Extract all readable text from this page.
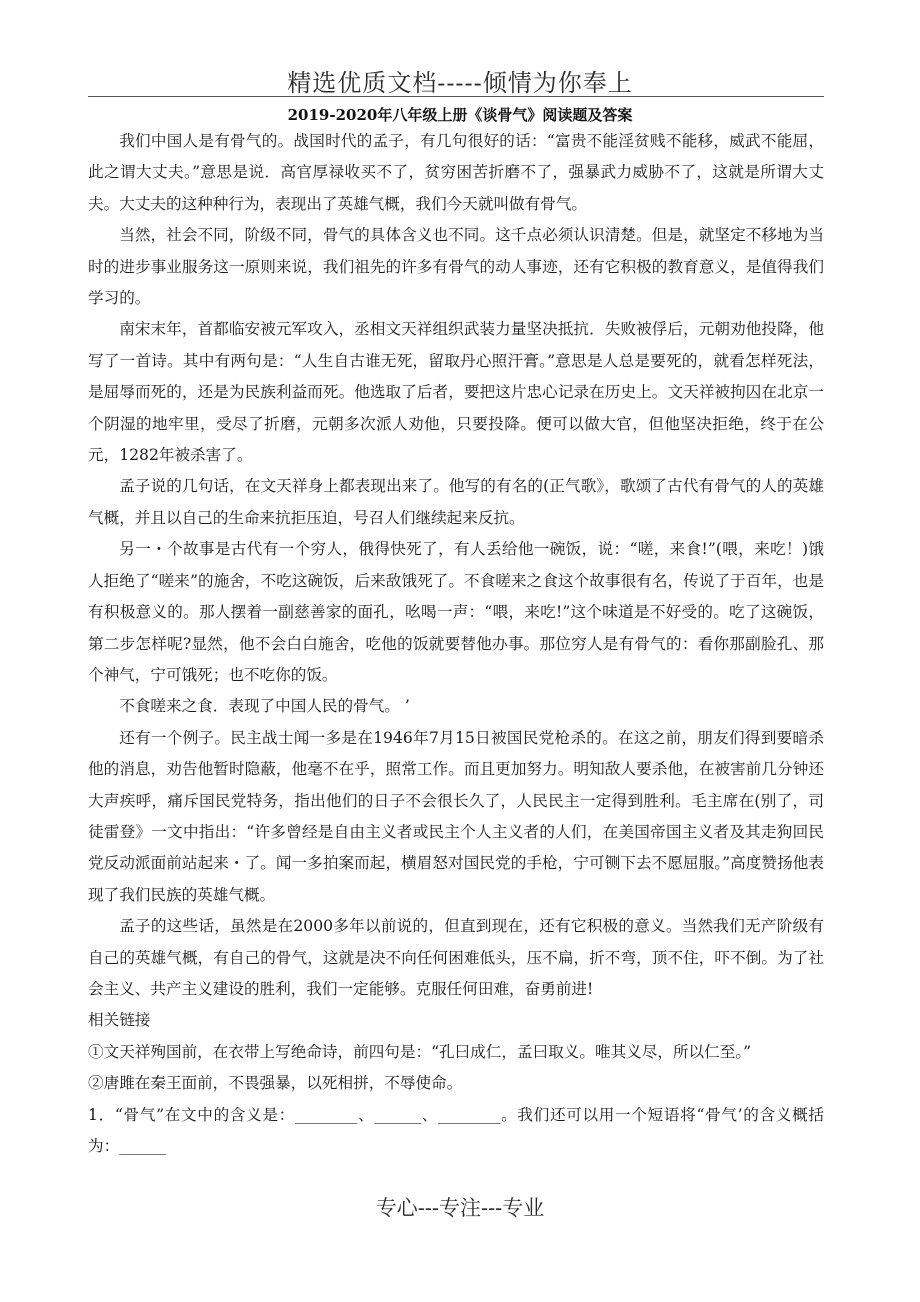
精选优质文档-----倾情为你奉上
2019-2020年八年级上册《谈骨气》阅读题及答案

我们中国人是有骨气的。战国时代的孟子，有几句很好的话：“富贵不能淫贫贱不能移，威武不能屈，此之谓大丈夫。”意思是说．高官厚禄收买不了，贫穷困苦折磨不了，强暴武力威胁不了，这就是所谓大丈夫。大丈夫的这种种行为，表现出了英雄气概，我们今天就叫做有骨气。

当然，社会不同，阶级不同，骨气的具体含义也不同。这千点必须认识清楚。但是，就坚定不移地为当时的进步事业服务这一原则来说，我们祖先的许多有骨气的动人事迹，还有它积极的教育意义，是值得我们学习的。

南宋末年，首都临安被元军攻入，丞相文天祥组织武装力量坚决抵抗．失败被俘后，元朝劝他投降，他写了一首诗。其中有两句是：“人生自古谁无死，留取丹心照汗膏。”意思是人总是要死的，就看怎样死法，是屈辱而死的，还是为民族利益而死。他选取了后者，要把这片忠心记录在历史上。文天祥被拘囚在北京一个阴湿的地牢里，受尽了折磨，元朝多次派人劝他，只要投降。便可以做大官，但他坚决拒绝，终于在公元，1282年被杀害了。

孟子说的几句话，在文天祥身上都表现出来了。他写的有名的(正气歌》，歌颂了古代有骨气的人的英雄气概，并且以自己的生命来抗拒压迫，号召人们继续起来反抗。

另一・个故事是古代有一个穷人，俄得快死了，有人丢给他一碗饭，说：“嗟，来食!”(喂，来吃！)饿人拒绝了“嗟来”的施舍，不吃这碗饭，后来敌饿死了。不食嗟来之食这个故事很有名，传说了于百年，也是有积极意义的。那人摆着一副慈善家的面孔，吆喝一声：“喂，来吃!”这个味道是不好受的。吃了这碗饭，第二步怎样呢?显然，他不会白白施舍，吃他的饭就要替他办事。那位穷人是有骨气的：看你那副脸孔、那个神气，宁可饿死；也不吃你的饭。

不食嗟来之食．表现了中国人民的骨气。 ’

还有一个例子。民主战士闻一多是在1946年7月15日被国民党枪杀的。在这之前，朋友们得到要暗杀他的消息，劝告他暂时隐蔽，他毫不在乎，照常工作。而且更加努力。明知敌人要杀他，在被害前几分钟还大声疾呼，痛斥国民党特务，指出他们的日子不会很长久了，人民民主一定得到胜利。毛主席在(别了，司徒雷登》一文中指出：“许多曾经是自由主义者或民主个人主义者的人们，在美国帝国主义者及其走狗回民党反动派面前站起来・了。闻一多拍案而起，横眉怒对国民党的手枪，宁可铡下去不愿屈服。”高度赞扬他表现了我们民族的英雄气概。

孟子的这些话，虽然是在2000多年以前说的，但直到现在，还有它积极的意义。当然我们无产阶级有自己的英雄气概，有自己的骨气，这就是决不向任何困难低头，压不扁，折不弯，顶不住，吓不倒。为了社会主义、共产主义建设的胜利，我们一定能够。克服任何田难，奋勇前进!

相关链接

①文天祥殉国前，在衣带上写绝命诗，前四句是：“孔曰成仁，孟曰取义。唯其义尽，所以仁至。”

②唐雎在秦王面前，不畏强暴，以死相拼，不辱使命。

1．“骨气”在文中的含义是：________、______、________。我们还可以用一个短语将“骨气’的含义概括为：______

专心---专注---专业
